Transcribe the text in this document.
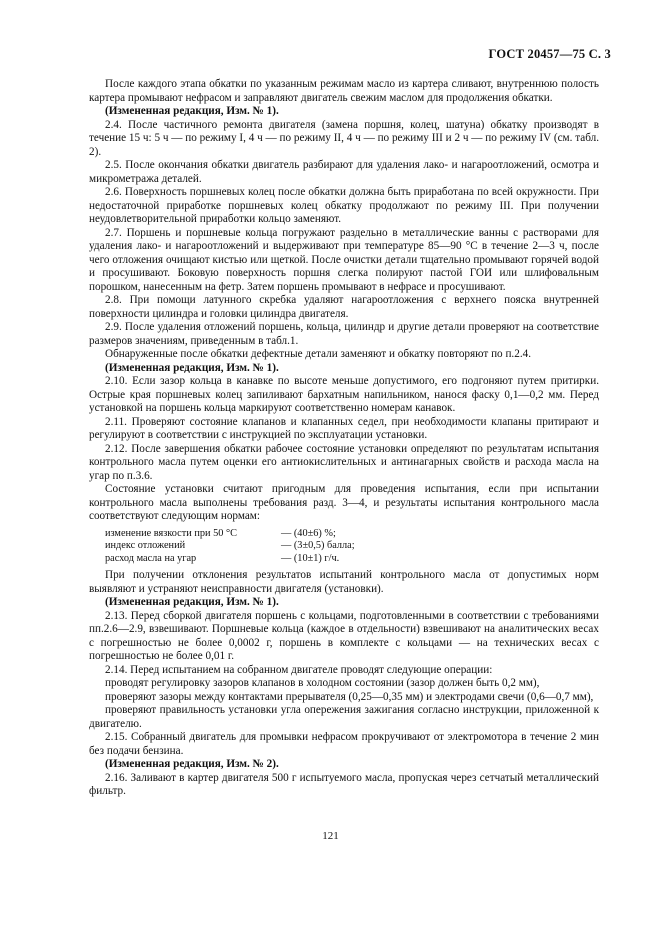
ГОСТ 20457—75 С. 3

После каждого этапа обкатки по указанным режимам масло из картера сливают, внутреннюю полость картера промывают нефрасом и заправляют двигатель свежим маслом для продолжения обкатки.

(Измененная редакция, Изм. № 1).

2.4. После частичного ремонта двигателя (замена поршня, колец, шатуна) обкатку производят в течение 15 ч: 5 ч — по режиму I, 4 ч — по режиму II, 4 ч — по режиму III и 2 ч — по режиму IV (см. табл. 2).

2.5. После окончания обкатки двигатель разбирают для удаления лако- и нагароотложений, осмотра и микрометража деталей.

2.6. Поверхность поршневых колец после обкатки должна быть приработана по всей окружности. При недостаточной приработке поршневых колец обкатку продолжают по режиму III. При получении неудовлетворительной приработки кольцо заменяют.

2.7. Поршень и поршневые кольца погружают раздельно в металлические ванны с растворами для удаления лако- и нагароотложений и выдерживают при температуре 85—90 °С в течение 2—3 ч, после чего отложения очищают кистью или щеткой. После очистки детали тщательно промывают горячей водой и просушивают. Боковую поверхность поршня слегка полируют пастой ГОИ или шлифовальным порошком, нанесенным на фетр. Затем поршень промывают в нефрасе и просушивают.

2.8. При помощи латунного скребка удаляют нагароотложения с верхнего пояска внутренней поверхности цилиндра и головки цилиндра двигателя.

2.9. После удаления отложений поршень, кольца, цилиндр и другие детали проверяют на соответствие размеров значениям, приведенным в табл.1.

Обнаруженные после обкатки дефектные детали заменяют и обкатку повторяют по п.2.4.

(Измененная редакция, Изм. № 1).

2.10. Если зазор кольца в канавке по высоте меньше допустимого, его подгоняют путем притирки. Острые края поршневых колец запиливают бархатным напильником, нанося фаску 0,1—0,2 мм. Перед установкой на поршень кольца маркируют соответственно номерам канавок.

2.11. Проверяют состояние клапанов и клапанных седел, при необходимости клапаны притирают и регулируют в соответствии с инструкцией по эксплуатации установки.

2.12. После завершения обкатки рабочее состояние установки определяют по результатам испытания контрольного масла путем оценки его антиокислительных и антинагарных свойств и расхода масла на угар по п.3.6.

Состояние установки считают пригодным для проведения испытания, если при испытании контрольного масла выполнены требования разд. 3—4, и результаты испытания контрольного масла соответствуют следующим нормам:

изменение вязкости при 50 °С	— (40±6) %;
индекс отложений	— (3±0,5) балла;
расход масла на угар	— (10±1) г/ч.

При получении отклонения результатов испытаний контрольного масла от допустимых норм выявляют и устраняют неисправности двигателя (установки).

(Измененная редакция, Изм. № 1).

2.13. Перед сборкой двигателя поршень с кольцами, подготовленными в соответствии с требованиями пп.2.6—2.9, взвешивают. Поршневые кольца (каждое в отдельности) взвешивают на аналитических весах с погрешностью не более 0,0002 г, поршень в комплекте с кольцами — на технических весах с погрешностью не более 0,01 г.

2.14. Перед испытанием на собранном двигателе проводят следующие операции:

проводят регулировку зазоров клапанов в холодном состоянии (зазор должен быть 0,2 мм),

проверяют зазоры между контактами прерывателя (0,25—0,35 мм) и электродами свечи (0,6—0,7 мм),

проверяют правильность установки угла опережения зажигания согласно инструкции, приложенной к двигателю.

2.15. Собранный двигатель для промывки нефрасом прокручивают от электромотора в течение 2 мин без подачи бензина.

(Измененная редакция, Изм. № 2).

2.16. Заливают в картер двигателя 500 г испытуемого масла, пропуская через сетчатый металлический фильтр.

121
